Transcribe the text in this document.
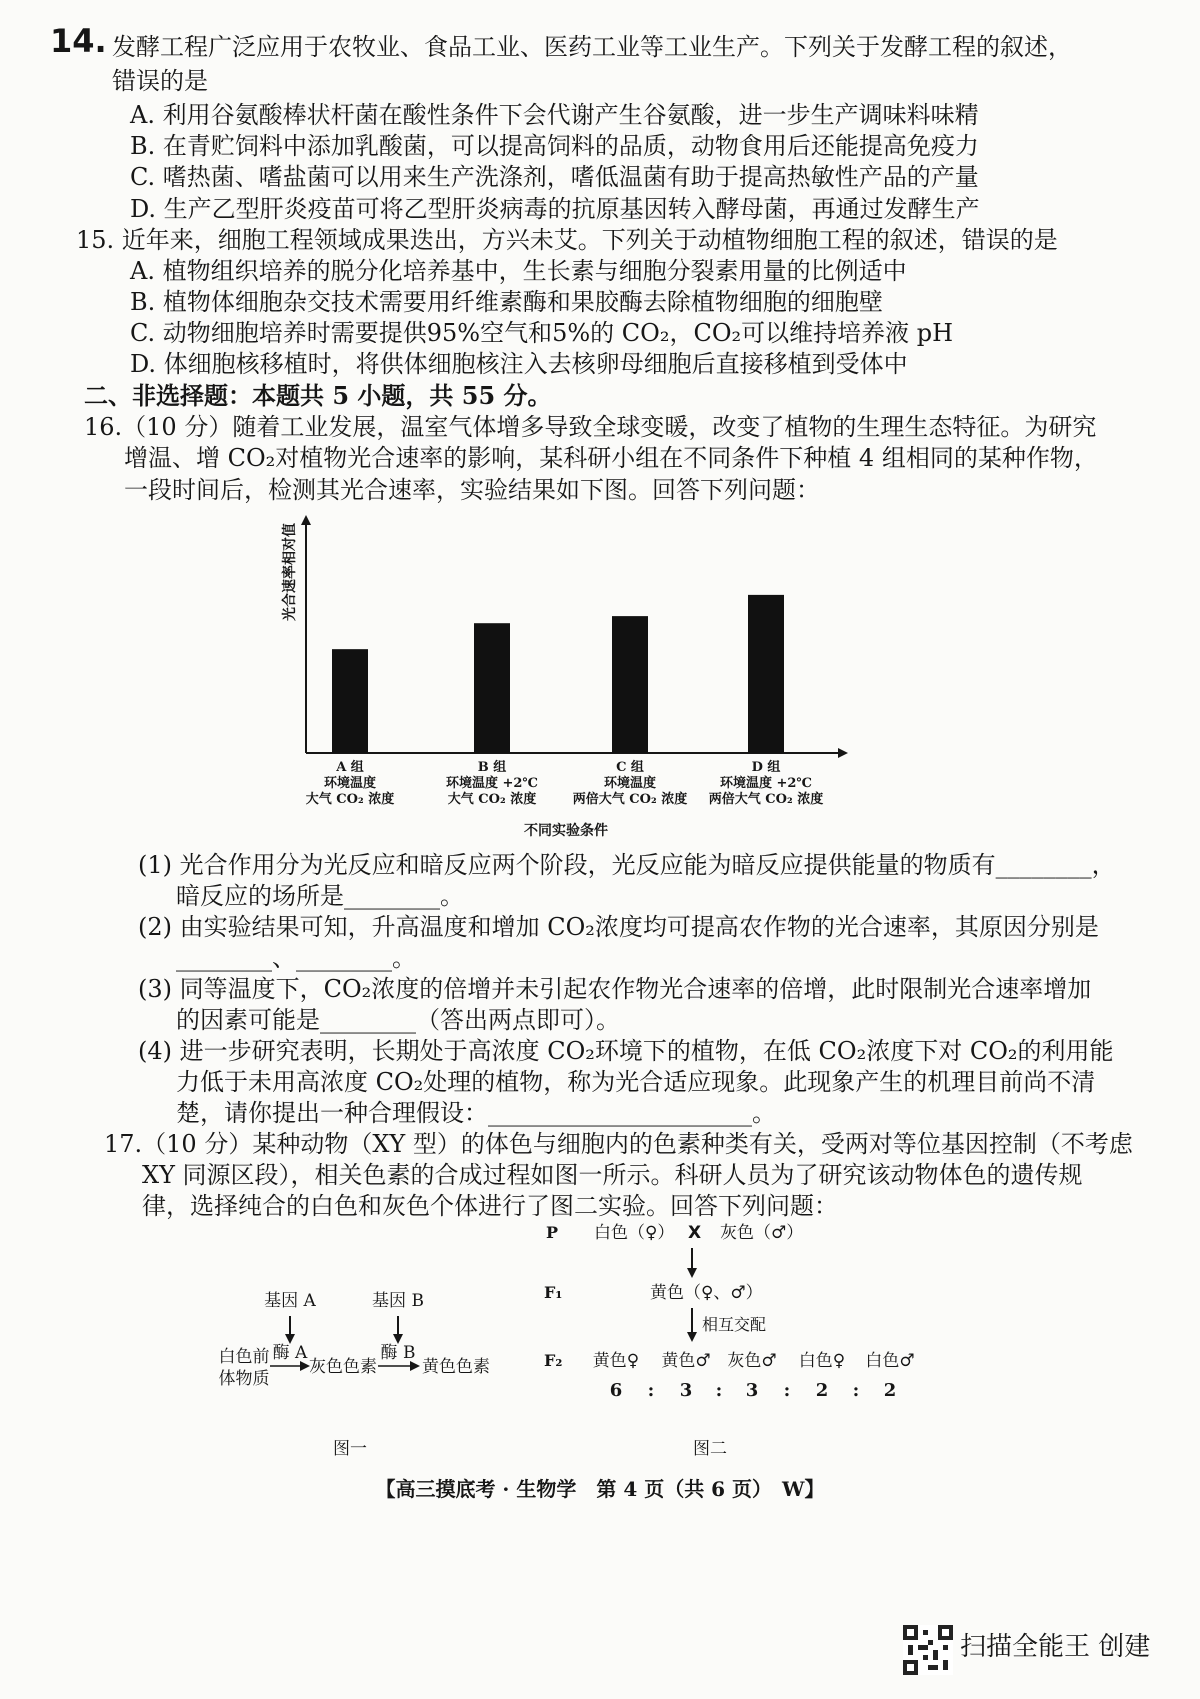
14. 发酵工程广泛应用于农牧业、食品工业、医药工业等工业生产。下列关于发酵工程的叙述，
错误的是
A. 利用谷氨酸棒状杆菌在酸性条件下会代谢产生谷氨酸，进一步生产调味料味精
B. 在青贮饲料中添加乳酸菌，可以提高饲料的品质，动物食用后还能提高免疫力
C. 嗜热菌、嗜盐菌可以用来生产洗涤剂，嗜低温菌有助于提高热敏性产品的产量
D. 生产乙型肝炎疫苗可将乙型肝炎病毒的抗原基因转入酵母菌，再通过发酵生产
15. 近年来，细胞工程领域成果迭出，方兴未艾。下列关于动植物细胞工程的叙述，错误的是
A. 植物组织培养的脱分化培养基中，生长素与细胞分裂素用量的比例适中
B. 植物体细胞杂交技术需要用纤维素酶和果胶酶去除植物细胞的细胞壁
C. 动物细胞培养时需要提供95%空气和5%的 CO₂，CO₂可以维持培养液 pH
D. 体细胞核移植时，将供体细胞核注入去核卵母细胞后直接移植到受体中
二、非选择题：本题共 5 小题，共 55 分。
16.（10 分）随着工业发展，温室气体增多导致全球变暖，改变了植物的生理生态特征。为研究
增温、增 CO₂对植物光合速率的影响，某科研小组在不同条件下种植 4 组相同的某种作物，
一段时间后，检测其光合速率，实验结果如下图。回答下列问题：
光合速率相对值
A 组
环境温度
大气 CO₂ 浓度
B 组
环境温度 +2℃
大气 CO₂ 浓度
C 组
环境温度
两倍大气 CO₂ 浓度
D 组
环境温度 +2℃
两倍大气 CO₂ 浓度
不同实验条件
(1) 光合作用分为光反应和暗反应两个阶段，光反应能为暗反应提供能量的物质有________，
暗反应的场所是________。
(2) 由实验结果可知，升高温度和增加 CO₂浓度均可提高农作物的光合速率，其原因分别是
________、________。
(3) 同等温度下，CO₂浓度的倍增并未引起农作物光合速率的倍增，此时限制光合速率增加
的因素可能是________（答出两点即可）。
(4) 进一步研究表明，长期处于高浓度 CO₂环境下的植物，在低 CO₂浓度下对 CO₂的利用能
力低于未用高浓度 CO₂处理的植物，称为光合适应现象。此现象产生的机理目前尚不清
楚，请你提出一种合理假设：______________________。
17.（10 分）某种动物（XY 型）的体色与细胞内的色素种类有关，受两对等位基因控制（不考虑
XY 同源区段），相关色素的合成过程如图一所示。科研人员为了研究该动物体色的遗传规
律，选择纯合的白色和灰色个体进行了图二实验。回答下列问题：
基因 A	基因 B
酶 A	酶 B
白色前
体物质
灰色色素	黄色色素
图一
P 白色（♀） X 灰色（♂）
F₁	黄色（♀、♂）
相互交配
F₂ 黄色♀
6 :
黄色♂
3 :
灰色♂
3 :
白色♀
2 :
白色♂
2
图二
【高三摸底考 · 生物学　第 4 页（共 6 页）　W】
扫描全能王 创建
